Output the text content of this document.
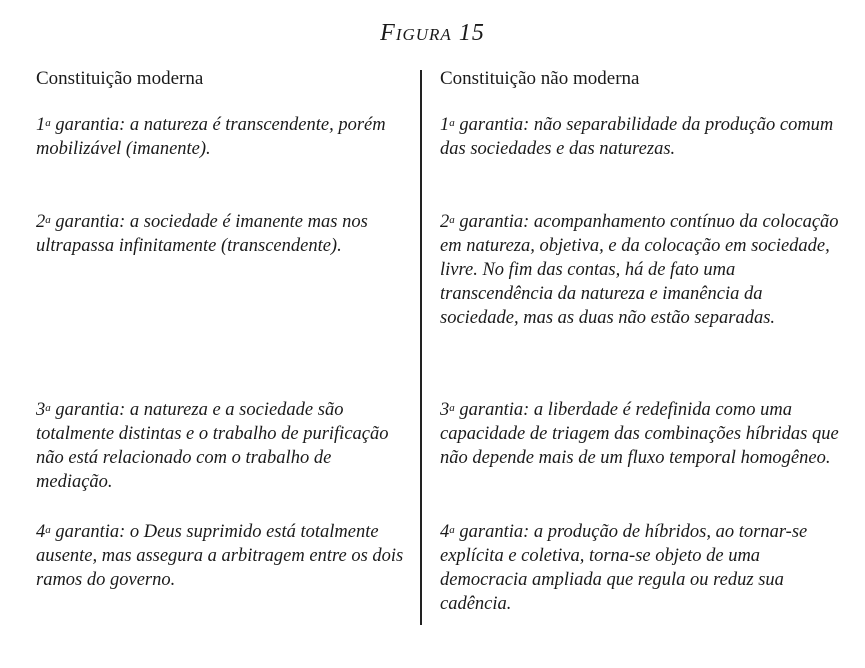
Figura 15
Constituição moderna
1$^a$ garantia: a natureza é transcendente, porém mobilizável (imanente).
2$^a$ garantia: a sociedade é imanente mas nos ultrapassa infinitamente (transcendente).
3$^a$ garantia: a natureza e a sociedade são totalmente distintas e o trabalho de purificação não está relacionado com o trabalho de mediação.
4$^a$ garantia: o Deus suprimido está totalmente ausente, mas assegura a arbitragem entre os dois ramos do governo.
Constituição não moderna
1$^a$ garantia: não separabilidade da produção comum das sociedades e das naturezas.
2$^a$ garantia: acompanhamento contínuo da colocação em natureza, objetiva, e da colocação em sociedade, livre. No fim das contas, há de fato uma transcendência da natureza e imanência da sociedade, mas as duas não estão separadas.
3$^a$ garantia: a liberdade é redefinida como uma capacidade de triagem das combinações híbridas que não depende mais de um fluxo temporal homogêneo.
4$^a$ garantia: a produção de híbridos, ao tornar-se explícita e coletiva, torna-se objeto de uma democracia ampliada que regula ou reduz sua cadência.
